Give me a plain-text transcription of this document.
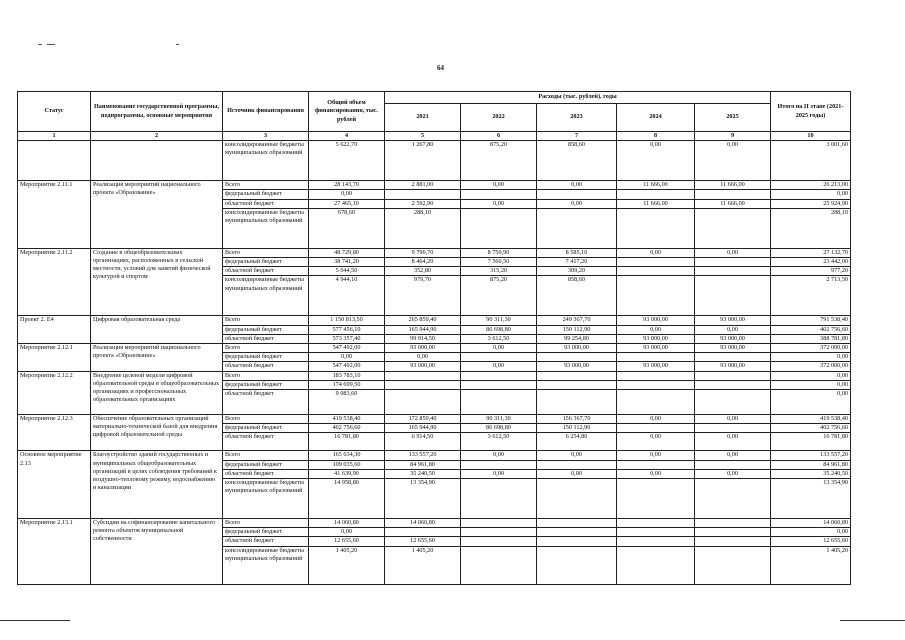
64
Статус	Наименование государственной программы, подпрограммы, основные мероприятия	Источник финансирования	Общий объем финансирования, тыс. рублей	Расходы (тыс. рублей), годы					Итого на II этапе (2021-2025 годы)
				2021	2022	2023	2024	2025	
1	2	3	4	5	6	7	8	9	10
		консолидированные бюджеты муниципальных образований	5 622,70	1 267,80	875,20	858,60	0,00	0,00	3 001,60
Мероприятие 2.11.1	Реализация мероприятий национального проекта «Образование»	Всего	28 143,70	2 881,00	0,00	0,00	11 666,00	11 666,00	26 213,00
		федеральный бюджет	0,00						0,00
		областной бюджет	27 465,10	2 592,90	0,00	0,00	11 666,00	11 666,00	25 924,90
		консолидированные бюджеты муниципальных образований	678,60	288,10					288,10
Мероприятие 2.11.2	Создание в общеобразовательных организациях, расположенных в сельской местности, условий для занятий физической культурой и спортом	Всего	48 729,80	9 796,70	8 750,90	8 585,10	0,00	0,00	27 132,70
		федеральный бюджет	38 741,20	8 464,20	7 560,50	7 417,20			23 442,00
		областной бюджет	5 044,50	352,80	315,20	309,20			977,20
		консолидированные бюджеты муниципальных образований	4 944,10	979,70	875,20	858,60			2 713,50
Проект 2. Е4	Цифровая образовательная среда	Всего	1 150 813,50	265 859,40	90 311,30	249 367,70	93 000,00	93 000,00	791 538,40
		федеральный бюджет	577 456,10	165 944,90	86 698,80	150 112,90	0,00	0,00	402 756,60
		областной бюджет	573 357,40	99 914,50	3 612,50	99 254,80	93 000,00	93 000,00	388 781,80
Мероприятие 2.12.1	Реализация мероприятий национального проекта «Образование»	Всего	547 492,00	93 000,00	0,00	93 000,00	93 000,00	93 000,00	372 000,00
		федеральный бюджет	0,00	0,00					0,00
		областной бюджет	547 492,00	93 000,00	0,00	93 000,00	93 000,00	93 000,00	372 000,00
Мероприятие 2.12.2	Внедрение целевой модели цифровой образовательной среды в общеобразовательных организациях и профессиональных образовательных организациях	Всего	183 783,10						0,00
		федеральный бюджет	174 699,50						0,00
		областной бюджет	9 083,60						0,00
Мероприятие 2.12.3	Обеспечение образовательных организаций материально-технической базой для внедрения цифровой образовательной среды	Всего	419 538,40	172 859,40	90 311,30	156 367,70	0,00	0,00	419 538,40
		федеральный бюджет	402 756,60	165 944,90	86 698,80	150 112,90			402 756,60
		областной бюджет	16 781,80	6 914,50	3 612,50	6 254,80	0,00	0,00	16 781,80
Основное мероприятие 2.13	Благоустройство зданий государственных и муниципальных общеобразовательных организаций в целях соблюдения требований к воздушно-тепловому режиму, водоснабжению и канализации	Всего	165 634,30	133 557,20	0,00	0,00	0,00	0,00	133 557,20
		федеральный бюджет	109 035,60	84 961,80					84 961,80
		областной бюджет	41 639,90	35 240,50	0,00	0,00	0,00	0,00	35 240,50
		консолидированные бюджеты муниципальных образований	14 958,80	13 354,90					13 354,90
Мероприятие 2.13.1	Субсидии на софинансирование капитального ремонта объектов муниципальной собственности	Всего	14 060,80	14 060,80					14 060,80
		федеральный бюджет	0,00						0,00
		областной бюджет	12 655,60	12 655,60					12 655,60
		консолидированные бюджеты муниципальных образований	1 405,20	1 405,20					1 405,20
